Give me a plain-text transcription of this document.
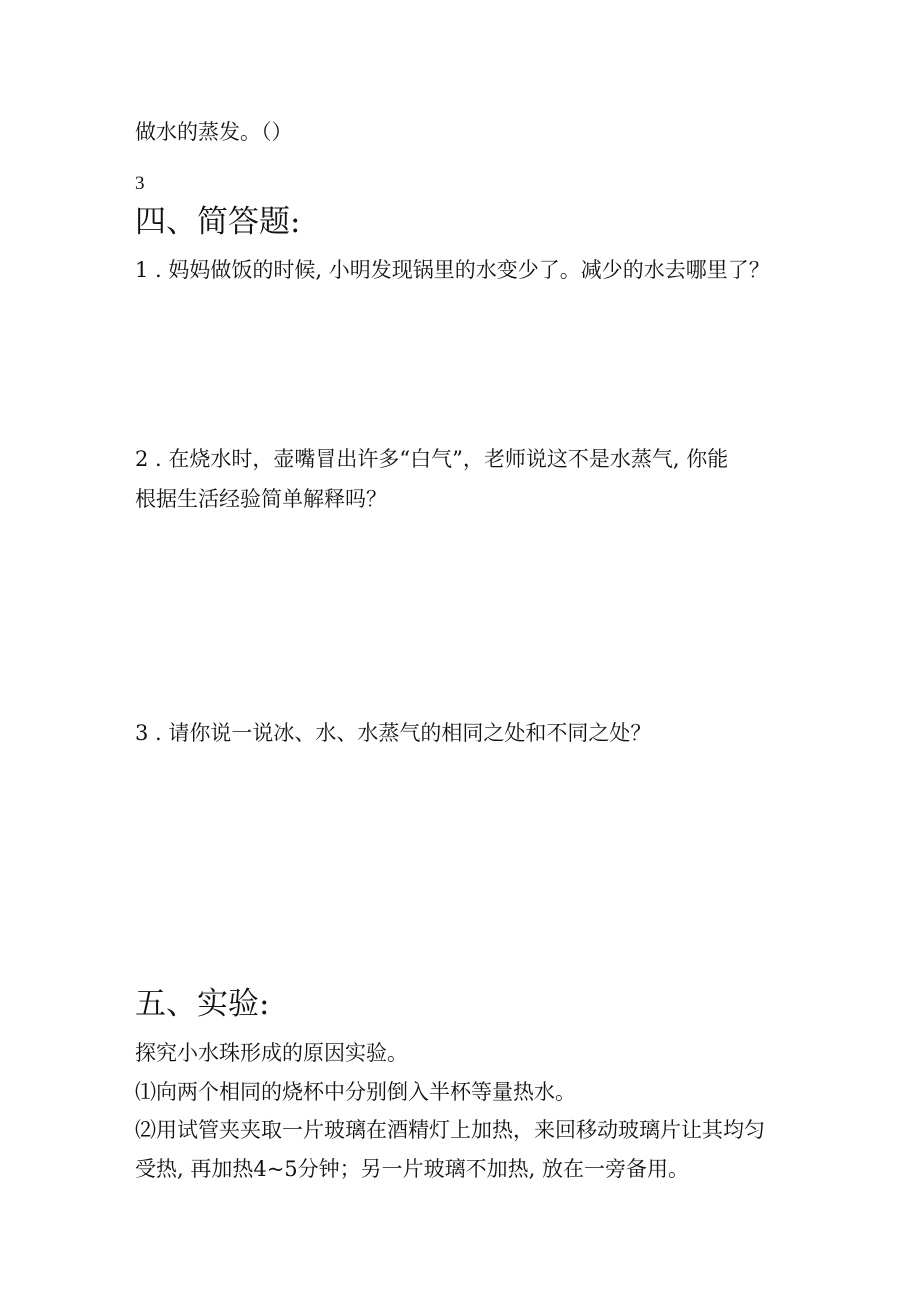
做水的蒸发。（）
3
四、简答题:
1 . 妈妈做饭的时候, 小明发现锅里的水变少了。减少的水去哪里了？
2 . 在烧水时，壶嘴冒出许多“白气”，老师说这不是水蒸气, 你能
根据生活经验简单解释吗？
3 . 请你说一说冰、水、水蒸气的相同之处和不同之处？
五、实验:
探究小水珠形成的原因实验。
⑴向两个相同的烧杯中分别倒入半杯等量热水。
⑵用试管夹夹取一片玻璃在酒精灯上加热，来回移动玻璃片让其均匀
受热, 再加热4~5分钟；另一片玻璃不加热, 放在一旁备用。
